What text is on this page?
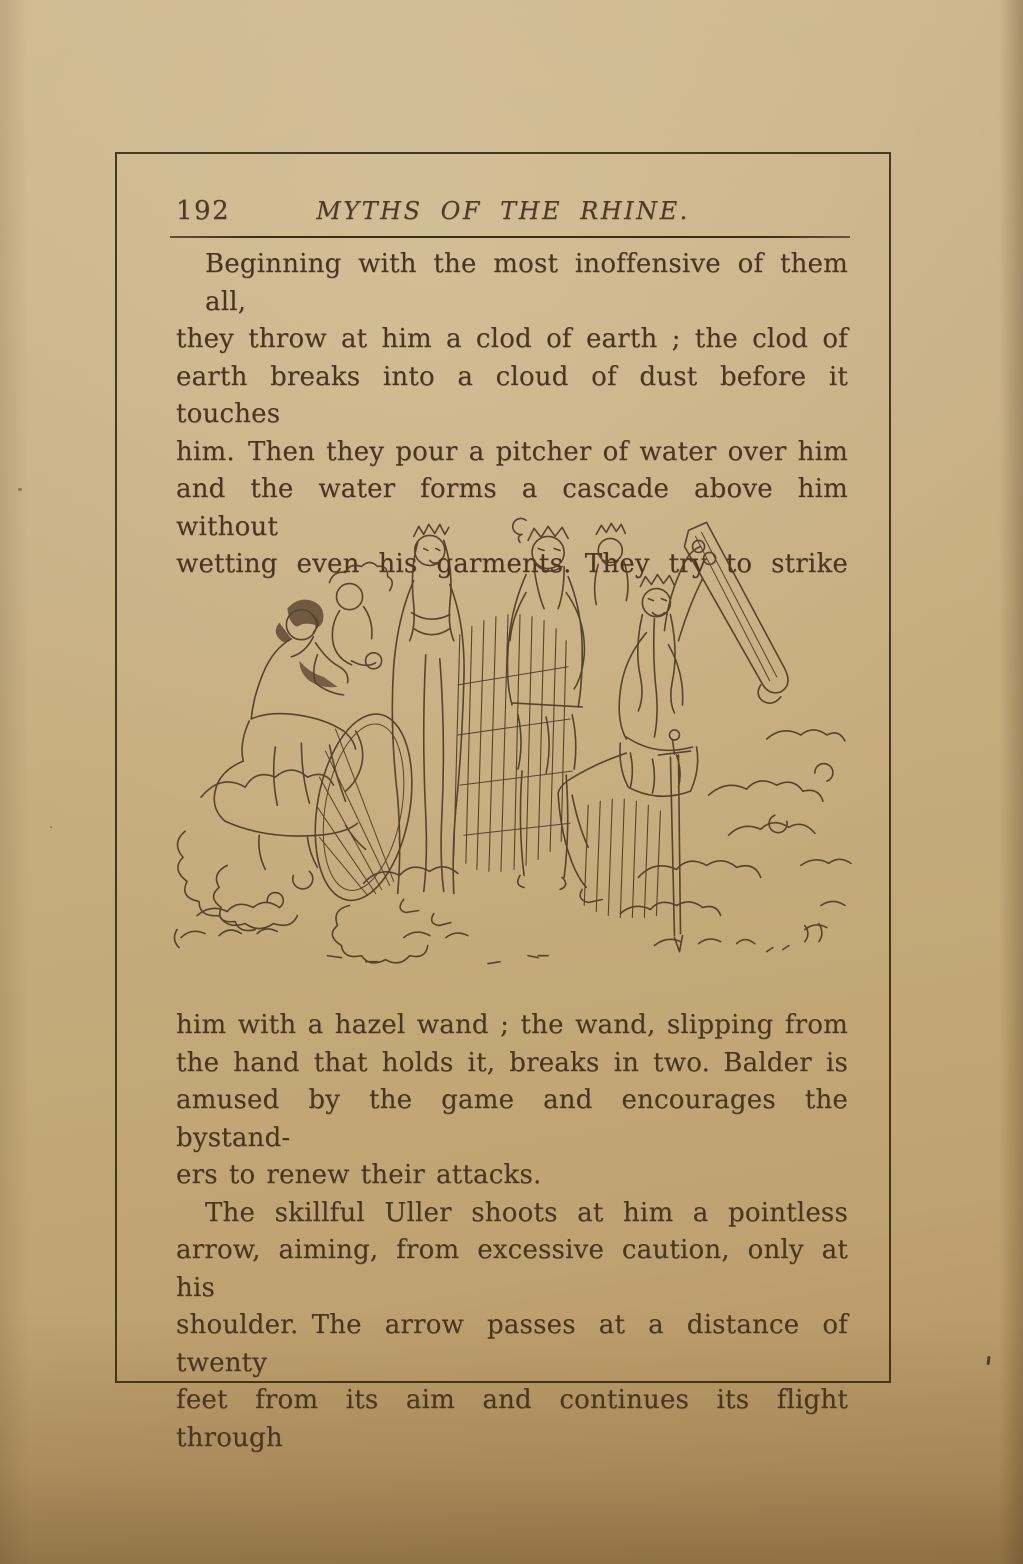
192	MYTHS OF THE RHINE.
Beginning with the most inoffensive of them all,
they throw at him a clod of earth ; the clod of
earth breaks into a cloud of dust before it touches
him. Then they pour a pitcher of water over him
and the water forms a cascade above him without
wetting even his garments. They try to strike
him with a hazel wand ; the wand, slipping from
the hand that holds it, breaks in two. Balder is
amused by the game and encourages the bystand-
ers to renew their attacks.
The skillful Uller shoots at him a pointless
arrow, aiming, from excessive caution, only at his
shoulder. The arrow passes at a distance of twenty
feet from its aim and continues its flight through
